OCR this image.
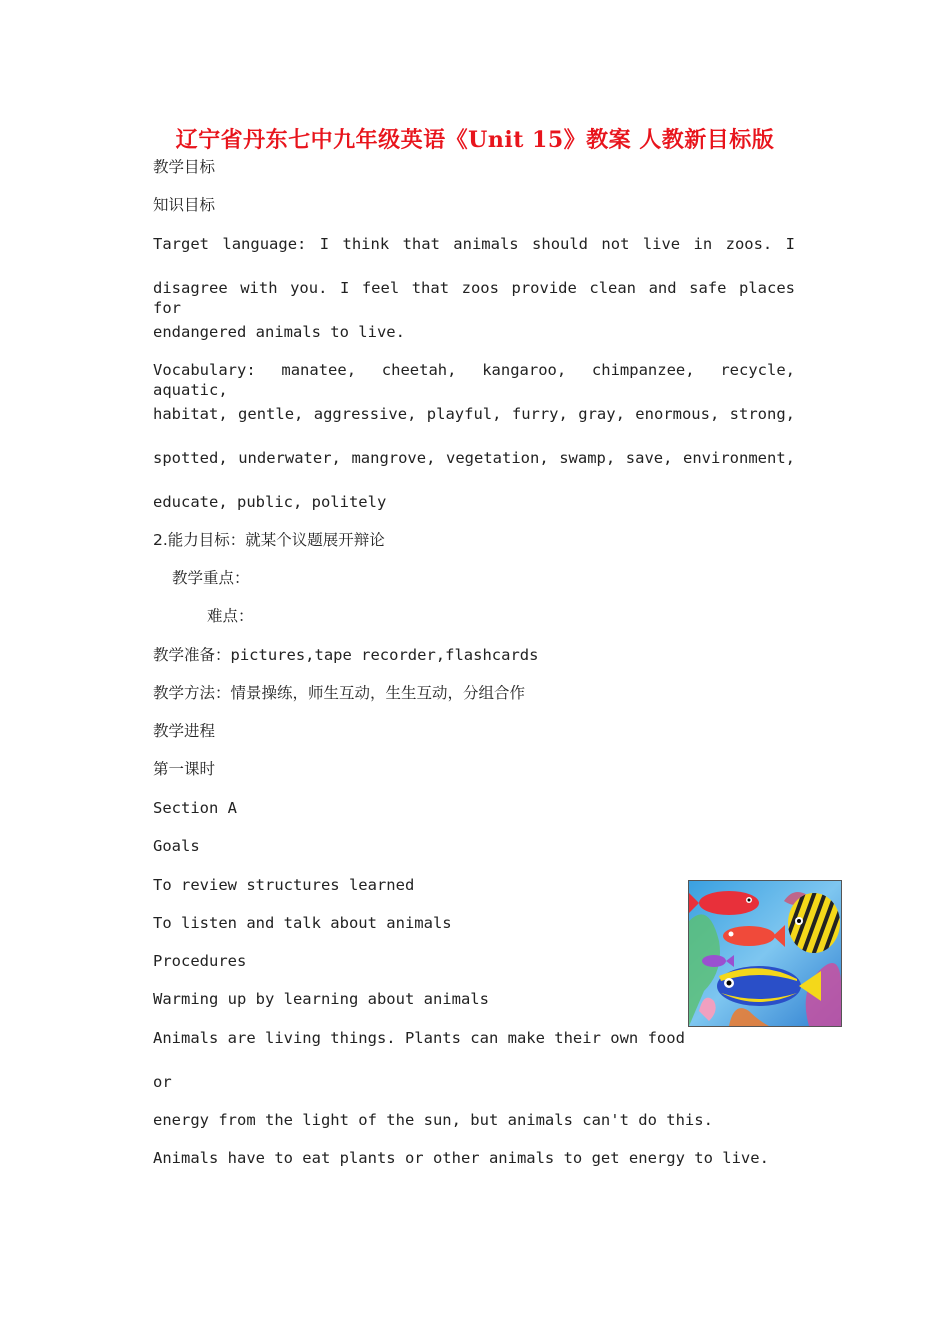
辽宁省丹东七中九年级英语《Unit 15》教案 人教新目标版
教学目标
知识目标
Target language: I think that animals should not live in zoos. I
disagree with you. I feel that zoos provide clean and safe places for
endangered animals to live.
Vocabulary: manatee, cheetah, kangaroo, chimpanzee, recycle, aquatic,
habitat, gentle, aggressive, playful, furry, gray, enormous, strong,
spotted, underwater, mangrove, vegetation, swamp, save, environment,
educate, public, politely
2.能力目标：就某个议题展开辩论
教学重点：
难点：
教学准备：pictures,tape recorder,flashcards
教学方法：情景操练，师生互动，生生互动，分组合作
教学进程
第一课时
Section A
Goals
To review structures learned
To listen and talk about animals
Procedures
Warming up by learning about animals
Animals are living things. Plants can make their own food
or
energy from the light of the sun, but animals can't do this.
Animals have to eat plants or other animals to get energy to live.
